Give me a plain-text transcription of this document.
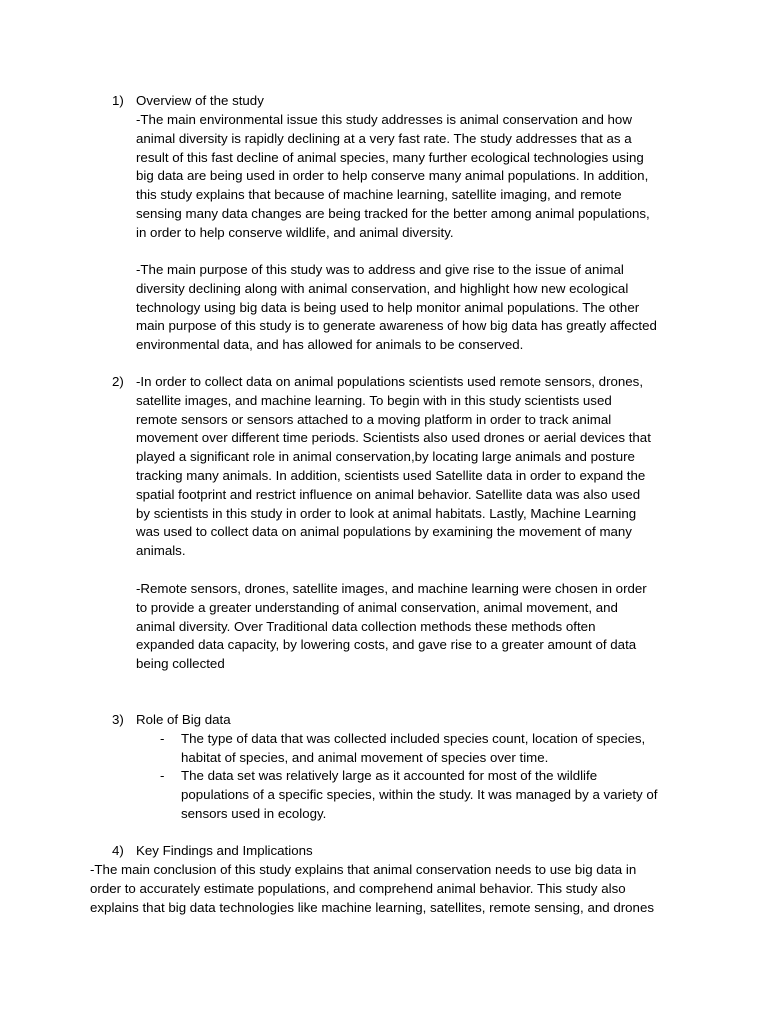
1) Overview of the study
-The main environmental issue this study addresses is animal conservation and how
animal diversity is rapidly declining at a very fast rate. The study addresses that as a
result of this fast decline of animal species, many further ecological technologies using
big data are being used in order to help conserve many animal populations. In addition,
this study explains that because of machine learning, satellite imaging, and remote
sensing many data changes are being tracked for the better among animal populations,
in order to help conserve wildlife, and animal diversity.
-The main purpose of this study was to address and give rise to the issue of animal
diversity declining along with animal conservation, and highlight how new ecological
technology using big data is being used to help monitor animal populations. The other
main purpose of this study is to generate awareness of how big data has greatly affected
environmental data, and has allowed for animals to be conserved.
2) -In order to collect data on animal populations scientists used remote sensors, drones,
satellite images, and machine learning. To begin with in this study scientists used
remote sensors or sensors attached to a moving platform in order to track animal
movement over different time periods. Scientists also used drones or aerial devices that
played a significant role in animal conservation,by locating large animals and posture
tracking many animals. In addition, scientists used Satellite data in order to expand the
spatial footprint and restrict influence on animal behavior. Satellite data was also used
by scientists in this study in order to look at animal habitats. Lastly, Machine Learning
was used to collect data on animal populations by examining the movement of many
animals.
-Remote sensors, drones, satellite images, and machine learning were chosen in order
to provide a greater understanding of animal conservation, animal movement, and
animal diversity. Over Traditional data collection methods these methods often
expanded data capacity, by lowering costs, and gave rise to a greater amount of data
being collected
3) Role of Big data
- The type of data that was collected included species count, location of species,
habitat of species, and animal movement of species over time.
- The data set was relatively large as it accounted for most of the wildlife
populations of a specific species, within the study. It was managed by a variety of
sensors used in ecology.
4) Key Findings and Implications
-The main conclusion of this study explains that animal conservation needs to use big data in
order to accurately estimate populations, and comprehend animal behavior. This study also
explains that big data technologies like machine learning, satellites, remote sensing, and drones
